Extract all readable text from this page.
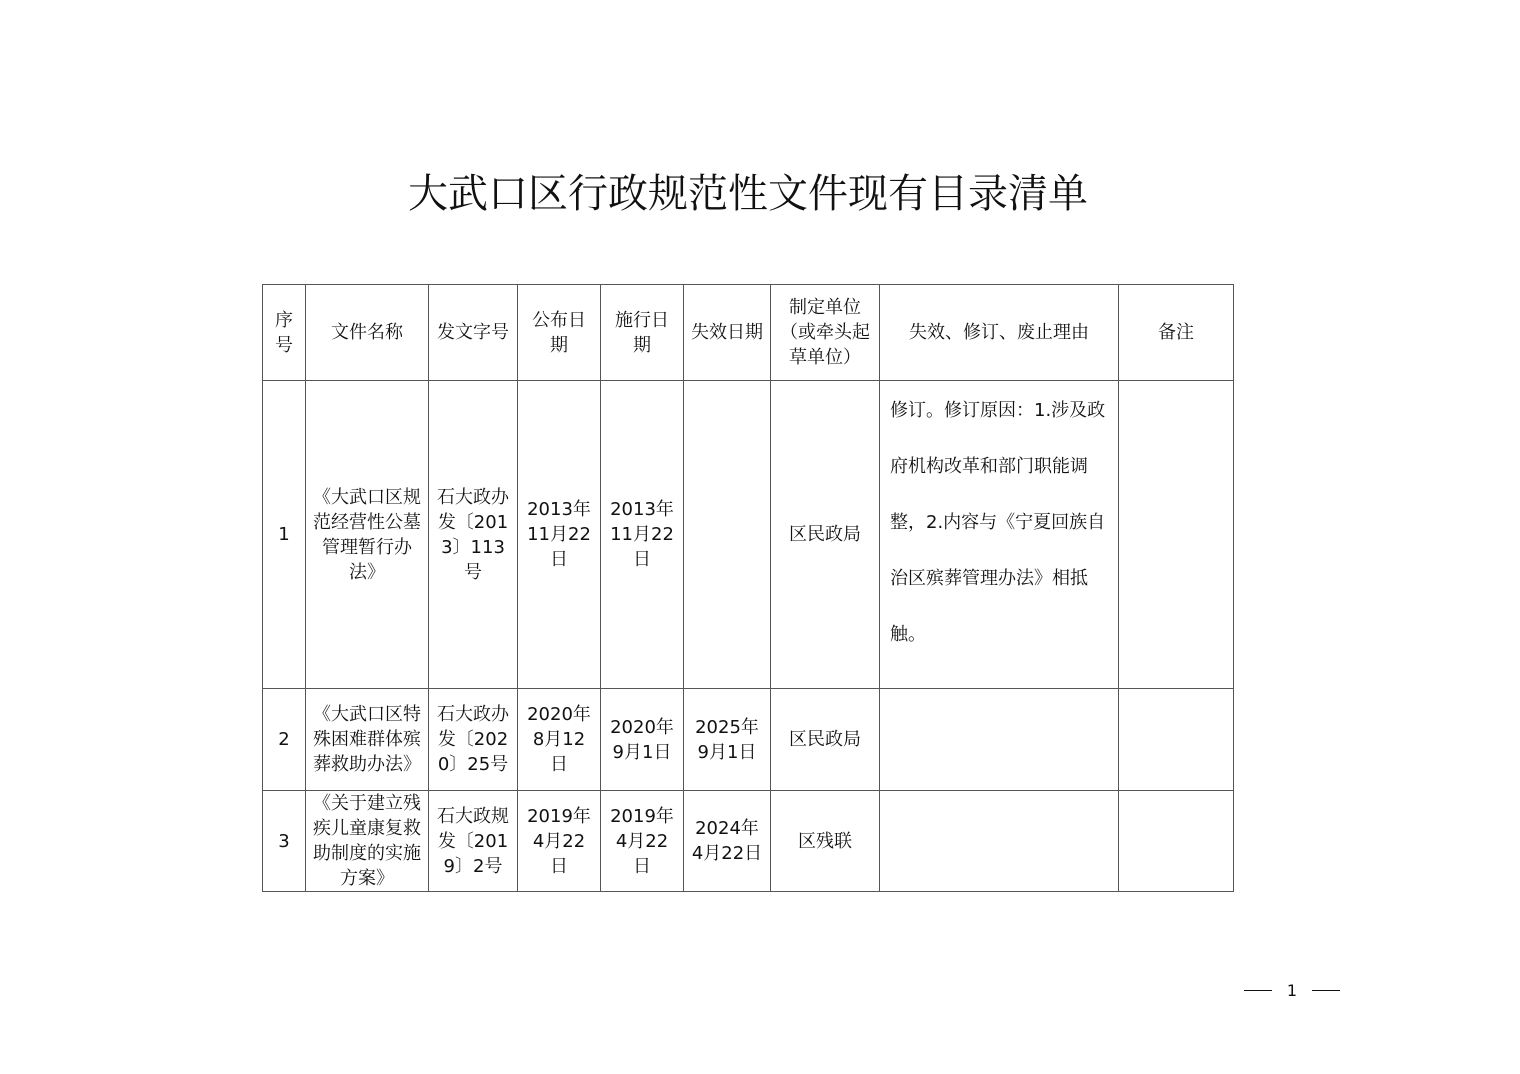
大武口区行政规范性文件现有目录清单
序号	文件名称	发文字号	公布日期	施行日期	失效日期	制定单位（或牵头起草单位）	失效、修订、废止理由	备注
1	《大武口区规范经营性公墓管理暂行办法》	石大政办发〔2013〕113号	2013年11月22日	2013年11月22日		区民政局	修订。修订原因：1.涉及政府机构改革和部门职能调整，2.内容与《宁夏回族自治区殡葬管理办法》相抵触。	
2	《大武口区特殊困难群体殡葬救助办法》	石大政办发〔2020〕25号	2020年8月12日	2020年9月1日	2025年9月1日	区民政局		
3	《关于建立残疾儿童康复救助制度的实施方案》	石大政规发〔2019〕2号	2019年4月22日	2019年4月22日	2024年4月22日	区残联		
1
